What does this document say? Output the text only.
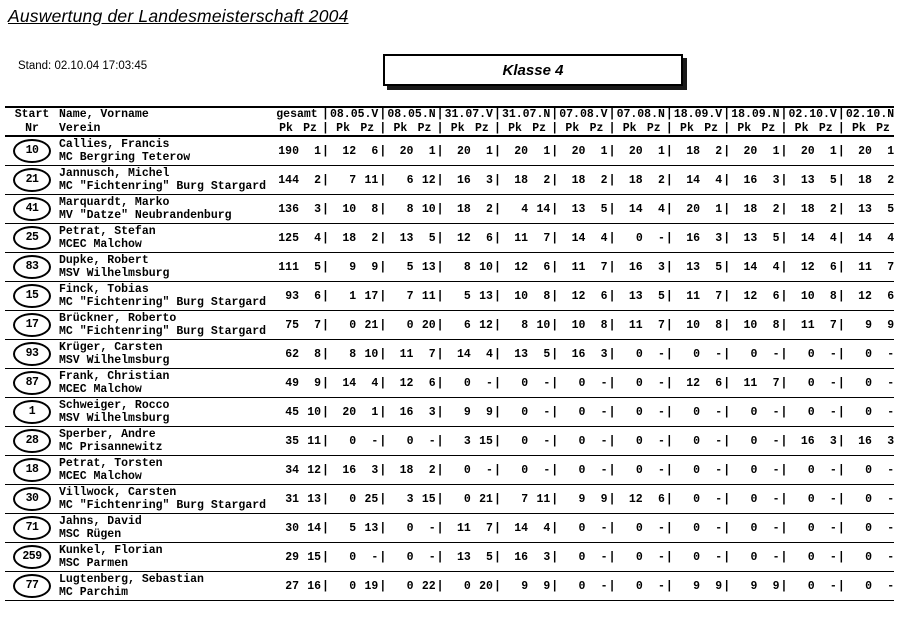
Auswertung der Landesmeisterschaft 2004
Stand: 02.10.04 17:03:45	Klasse 4
Start	Name, Vorname	gesamt		|	08.05.V		|	08.05.N		|	31.07.V		|	31.07.N		|	07.08.V		|	07.08.N		|	18.09.V		|	18.09.N		|	02.10.V		|	02.10.N	
Nr	Verein	Pk	Pz	|	Pk	Pz	|	Pk	Pz	|	Pk	Pz	|	Pk	Pz	|	Pk	Pz	|	Pk	Pz	|	Pk	Pz	|	Pk	Pz	|	Pk	Pz	|	Pk	Pz

10	Callies, Francis
MC Bergring Teterow	190	1	|	12	6	|	20	1	|	20	1	|	20	1	|	20	1	|	20	1	|	18	2	|	20	1	|	20	1	|	20	1

21	Jannusch, Michel
MC "Fichtenring" Burg Stargard	144	2	|	7	11	|	6	12	|	16	3	|	18	2	|	18	2	|	18	2	|	14	4	|	16	3	|	13	5	|	18	2

41	Marquardt, Marko
MV "Datze" Neubrandenburg	136	3	|	10	8	|	8	10	|	18	2	|	4	14	|	13	5	|	14	4	|	20	1	|	18	2	|	18	2	|	13	5

25	Petrat, Stefan
MCEC Malchow	125	4	|	18	2	|	13	5	|	12	6	|	11	7	|	14	4	|	0	-	|	16	3	|	13	5	|	14	4	|	14	4

83	Dupke, Robert
MSV Wilhelmsburg	111	5	|	9	9	|	5	13	|	8	10	|	12	6	|	11	7	|	16	3	|	13	5	|	14	4	|	12	6	|	11	7

15	Finck, Tobias
MC "Fichtenring" Burg Stargard	93	6	|	1	17	|	7	11	|	5	13	|	10	8	|	12	6	|	13	5	|	11	7	|	12	6	|	10	8	|	12	6

17	Brückner, Roberto
MC "Fichtenring" Burg Stargard	75	7	|	0	21	|	0	20	|	6	12	|	8	10	|	10	8	|	11	7	|	10	8	|	10	8	|	11	7	|	9	9

93	Krüger, Carsten
MSV Wilhelmsburg	62	8	|	8	10	|	11	7	|	14	4	|	13	5	|	16	3	|	0	-	|	0	-	|	0	-	|	0	-	|	0	-

87	Frank, Christian
MCEC Malchow	49	9	|	14	4	|	12	6	|	0	-	|	0	-	|	0	-	|	0	-	|	12	6	|	11	7	|	0	-	|	0	-

1	Schweiger, Rocco
MSV Wilhelmsburg	45	10	|	20	1	|	16	3	|	9	9	|	0	-	|	0	-	|	0	-	|	0	-	|	0	-	|	0	-	|	0	-

28	Sperber, Andre
MC Prisannewitz	35	11	|	0	-	|	0	-	|	3	15	|	0	-	|	0	-	|	0	-	|	0	-	|	0	-	|	16	3	|	16	3

18	Petrat, Torsten
MCEC Malchow	34	12	|	16	3	|	18	2	|	0	-	|	0	-	|	0	-	|	0	-	|	0	-	|	0	-	|	0	-	|	0	-

30	Villwock, Carsten
MC "Fichtenring" Burg Stargard	31	13	|	0	25	|	3	15	|	0	21	|	7	11	|	9	9	|	12	6	|	0	-	|	0	-	|	0	-	|	0	-

71	Jahns, David
MSC Rügen	30	14	|	5	13	|	0	-	|	11	7	|	14	4	|	0	-	|	0	-	|	0	-	|	0	-	|	0	-	|	0	-

259	Kunkel, Florian
MSC Parmen	29	15	|	0	-	|	0	-	|	13	5	|	16	3	|	0	-	|	0	-	|	0	-	|	0	-	|	0	-	|	0	-

77	Lugtenberg, Sebastian
MC Parchim	27	16	|	0	19	|	0	22	|	0	20	|	9	9	|	0	-	|	0	-	|	9	9	|	9	9	|	0	-	|	0	-
